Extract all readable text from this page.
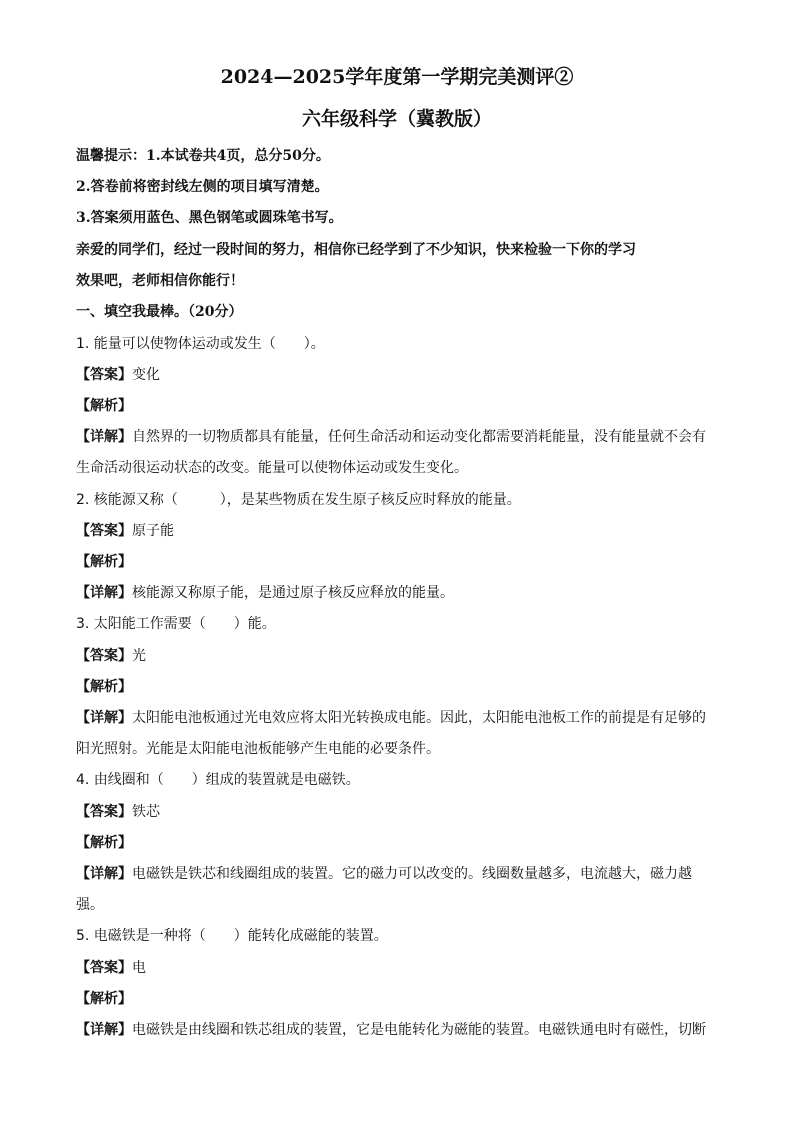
2024—2025学年度第一学期完美测评②
六年级科学（冀教版）
温馨提示：1.本试卷共4页，总分50分。
2.答卷前将密封线左侧的项目填写清楚。
3.答案须用蓝色、黑色钢笔或圆珠笔书写。
亲爱的同学们，经过一段时间的努力，相信你已经学到了不少知识，快来检验一下你的学习
效果吧，老师相信你能行！
一、填空我最棒。（20分）
1. 能量可以使物体运动或发生（　　）。
【答案】变化
【解析】
【详解】自然界的一切物质都具有能量，任何生命活动和运动变化都需要消耗能量，没有能量就不会有
生命活动很运动状态的改变。能量可以使物体运动或发生变化。
2. 核能源又称（　　　），是某些物质在发生原子核反应时释放的能量。
【答案】原子能
【解析】
【详解】核能源又称原子能，是通过原子核反应释放的能量。
3. 太阳能工作需要（　　）能。
【答案】光
【解析】
【详解】太阳能电池板通过光电效应将太阳光转换成电能。因此，太阳能电池板工作的前提是有足够的
阳光照射。光能是太阳能电池板能够产生电能的必要条件。
4. 由线圈和（　　）组成的装置就是电磁铁。
【答案】铁芯
【解析】
【详解】电磁铁是铁芯和线圈组成的装置。它的磁力可以改变的。线圈数量越多，电流越大，磁力越
强。
5. 电磁铁是一种将（　　）能转化成磁能的装置。
【答案】电
【解析】
【详解】电磁铁是由线圈和铁芯组成的装置，它是电能转化为磁能的装置。电磁铁通电时有磁性，切断
